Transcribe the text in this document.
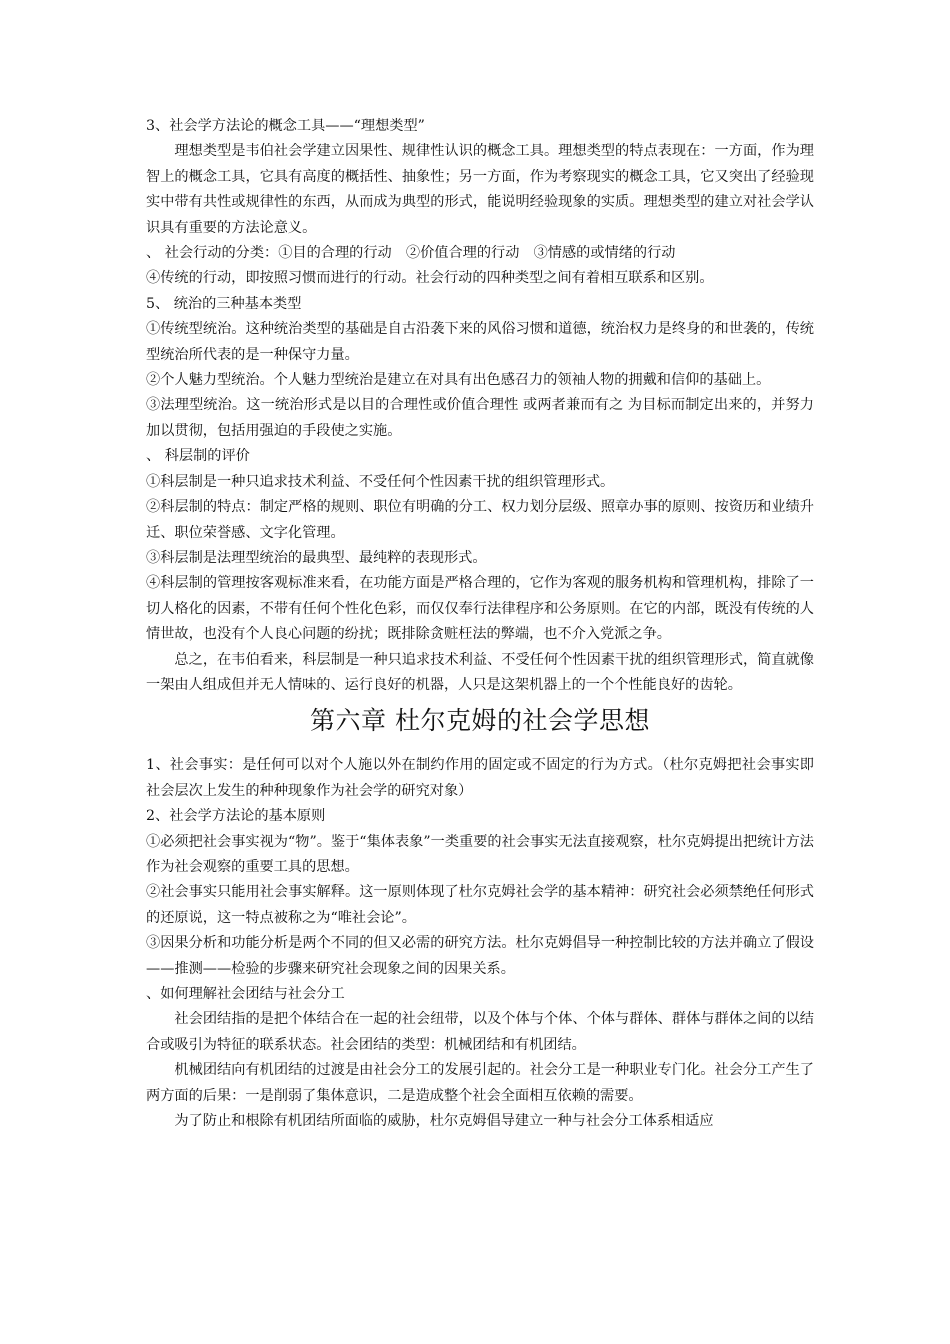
3、社会学方法论的概念工具——“理想类型”

理想类型是韦伯社会学建立因果性、规律性认识的概念工具。理想类型的特点表现在：一方面，作为理智上的概念工具，它具有高度的概括性、抽象性；另一方面，作为考察现实的概念工具，它又突出了经验现实中带有共性或规律性的东西，从而成为典型的形式，能说明经验现象的实质。理想类型的建立对社会学认识具有重要的方法论意义。

、 社会行动的分类：①目的合理的行动　②价值合理的行动　③情感的或情绪的行动

④传统的行动，即按照习惯而进行的行动。社会行动的四种类型之间有着相互联系和区别。

5、 统治的三种基本类型

①传统型统治。这种统治类型的基础是自古沿袭下来的风俗习惯和道德，统治权力是终身的和世袭的，传统型统治所代表的是一种保守力量。

②个人魅力型统治。个人魅力型统治是建立在对具有出色感召力的领袖人物的拥戴和信仰的基础上。

③法理型统治。这一统治形式是以目的合理性或价值合理性 或两者兼而有之 为目标而制定出来的，并努力加以贯彻，包括用强迫的手段使之实施。

、 科层制的评价

①科层制是一种只追求技术利益、不受任何个性因素干扰的组织管理形式。

②科层制的特点：制定严格的规则、职位有明确的分工、权力划分层级、照章办事的原则、按资历和业绩升迁、职位荣誉感、文字化管理。

③科层制是法理型统治的最典型、最纯粹的表现形式。

④科层制的管理按客观标准来看，在功能方面是严格合理的，它作为客观的服务机构和管理机构，排除了一切人格化的因素，不带有任何个性化色彩，而仅仅奉行法律程序和公务原则。在它的内部，既没有传统的人情世故，也没有个人良心问题的纷扰；既排除贪赃枉法的弊端，也不介入党派之争。

总之，在韦伯看来，科层制是一种只追求技术利益、不受任何个性因素干扰的组织管理形式，简直就像一架由人组成但并无人情味的、运行良好的机器，人只是这架机器上的一个个性能良好的齿轮。

第六章 杜尔克姆的社会学思想

1、社会事实：是任何可以对个人施以外在制约作用的固定或不固定的行为方式。（杜尔克姆把社会事实即社会层次上发生的种种现象作为社会学的研究对象）

2、社会学方法论的基本原则

①必须把社会事实视为“物”。鉴于“集体表象”一类重要的社会事实无法直接观察，杜尔克姆提出把统计方法作为社会观察的重要工具的思想。

②社会事实只能用社会事实解释。这一原则体现了杜尔克姆社会学的基本精神：研究社会必须禁绝任何形式的还原说，这一特点被称之为“唯社会论”。

③因果分析和功能分析是两个不同的但又必需的研究方法。杜尔克姆倡导一种控制比较的方法并确立了假设——推测——检验的步骤来研究社会现象之间的因果关系。

、如何理解社会团结与社会分工

社会团结指的是把个体结合在一起的社会纽带，以及个体与个体、个体与群体、群体与群体之间的以结合或吸引为特征的联系状态。社会团结的类型：机械团结和有机团结。

机械团结向有机团结的过渡是由社会分工的发展引起的。社会分工是一种职业专门化。社会分工产生了两方面的后果：一是削弱了集体意识，二是造成整个社会全面相互依赖的需要。

为了防止和根除有机团结所面临的威胁，杜尔克姆倡导建立一种与社会分工体系相适应
